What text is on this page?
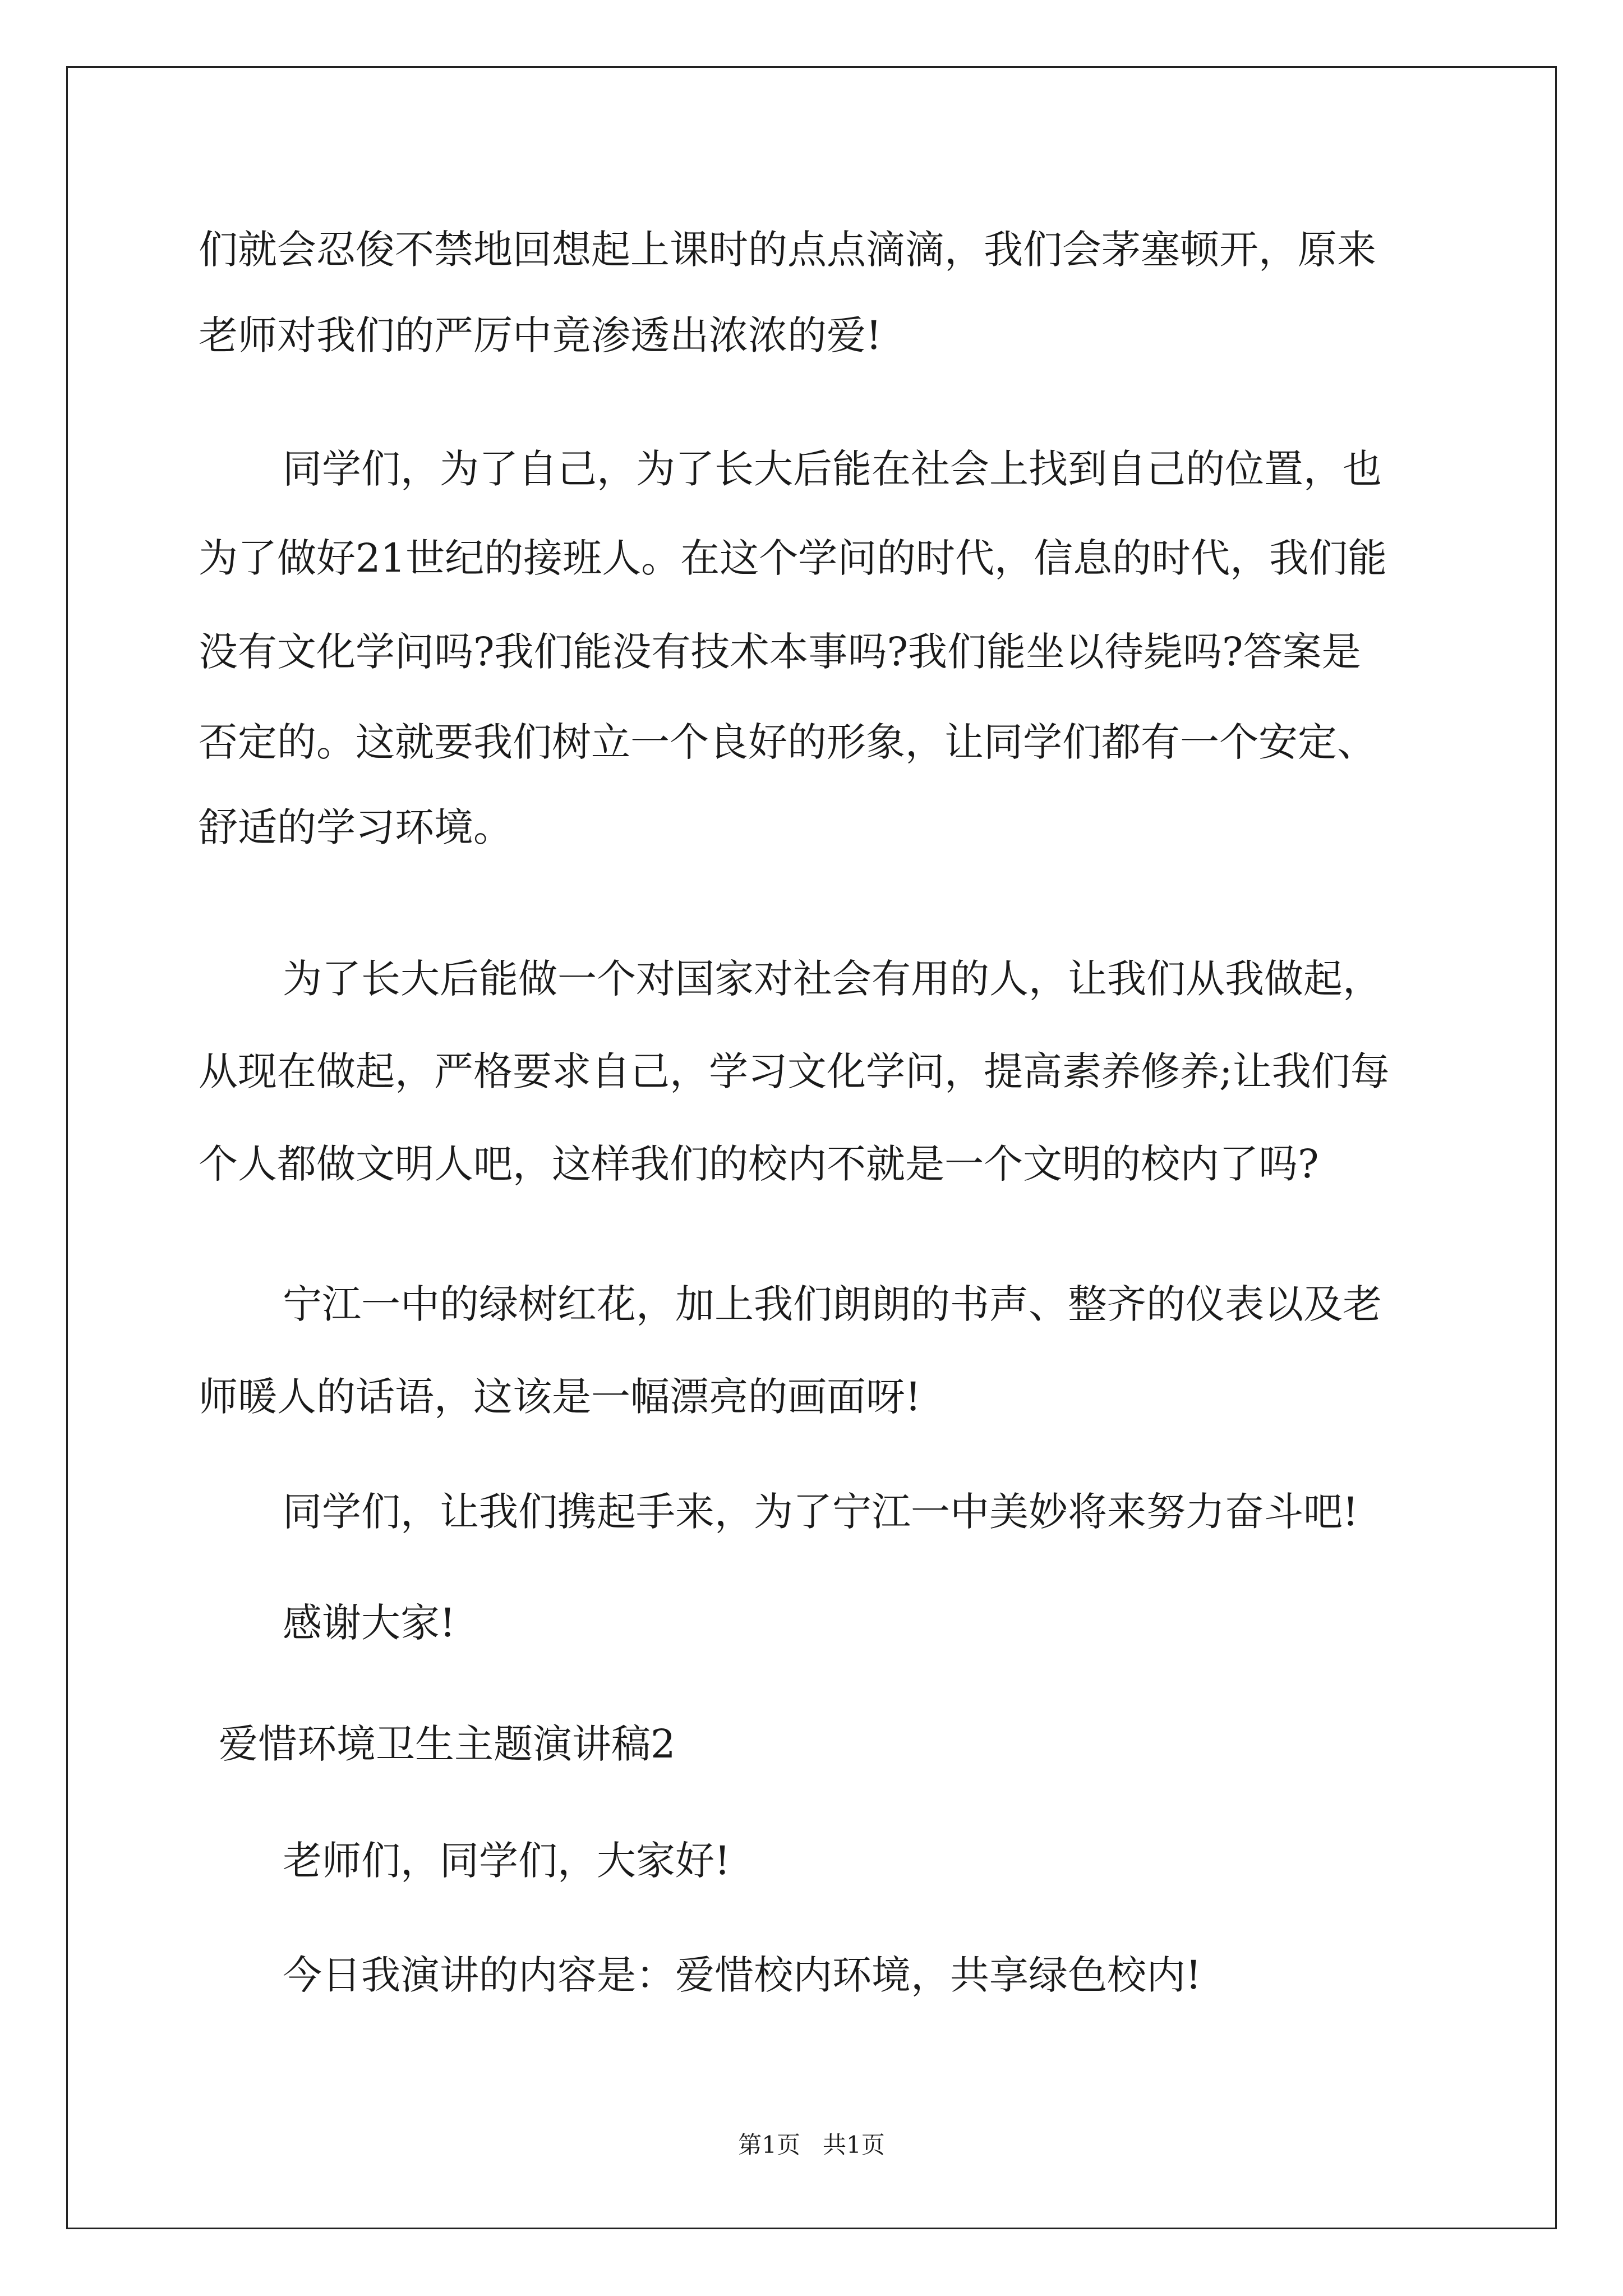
们就会忍俊不禁地回想起上课时的点点滴滴，我们会茅塞顿开，原来
老师对我们的严厉中竟渗透出浓浓的爱!
同学们，为了自己，为了长大后能在社会上找到自己的位置，也
为了做好21世纪的接班人。在这个学问的时代，信息的时代，我们能
没有文化学问吗?我们能没有技术本事吗?我们能坐以待毙吗?答案是
否定的。这就要我们树立一个良好的形象，让同学们都有一个安定、
舒适的学习环境。
为了长大后能做一个对国家对社会有用的人，让我们从我做起，
从现在做起，严格要求自己，学习文化学问，提高素养修养;让我们每
个人都做文明人吧，这样我们的校内不就是一个文明的校内了吗?
宁江一中的绿树红花，加上我们朗朗的书声、整齐的仪表以及老
师暖人的话语，这该是一幅漂亮的画面呀!
同学们，让我们携起手来，为了宁江一中美妙将来努力奋斗吧!
感谢大家!
爱惜环境卫生主题演讲稿2
老师们，同学们，大家好!
今日我演讲的内容是：爱惜校内环境，共享绿色校内!
第1页   共1页
